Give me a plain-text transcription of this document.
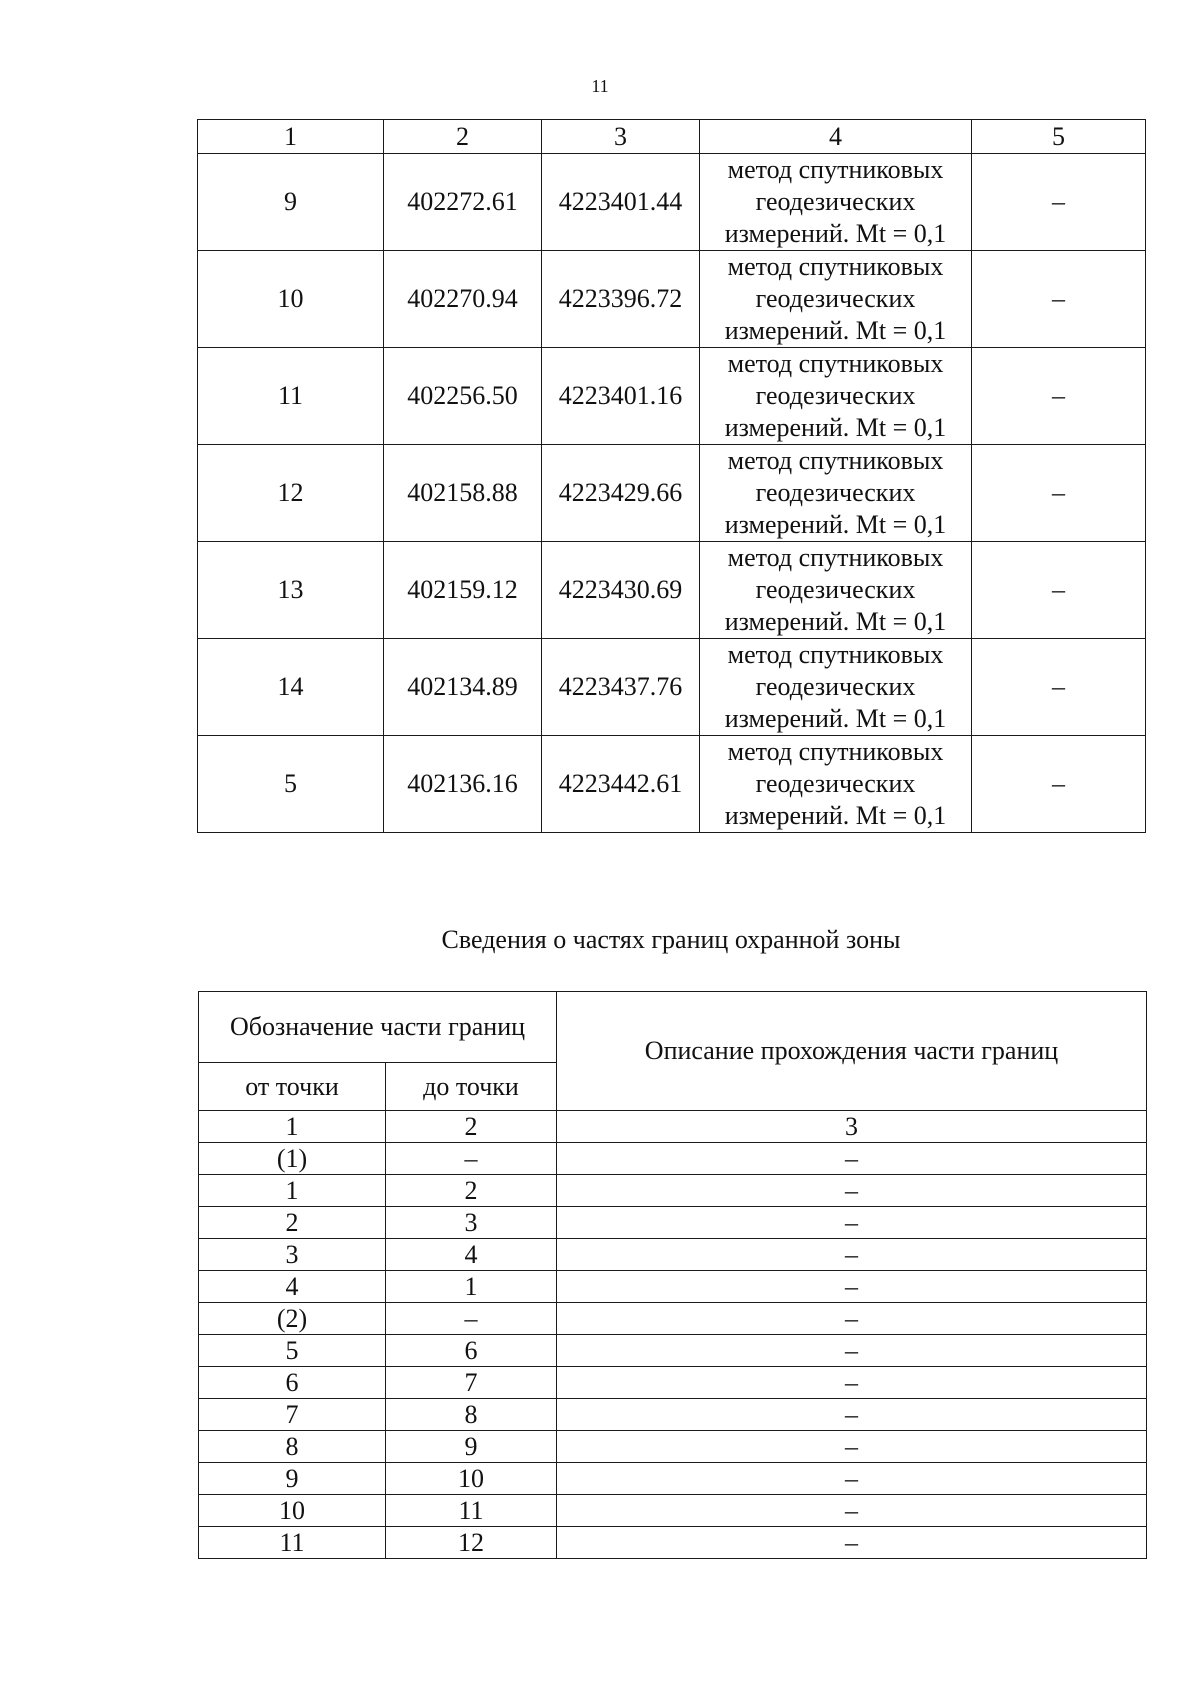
11
1	2	3	4	5
9	402272.61	4223401.44	метод спутниковых
геодезических
измерений. Mt = 0,1	–
10	402270.94	4223396.72	метод спутниковых
геодезических
измерений. Mt = 0,1	–
11	402256.50	4223401.16	метод спутниковых
геодезических
измерений. Mt = 0,1	–
12	402158.88	4223429.66	метод спутниковых
геодезических
измерений. Mt = 0,1	–
13	402159.12	4223430.69	метод спутниковых
геодезических
измерений. Mt = 0,1	–
14	402134.89	4223437.76	метод спутниковых
геодезических
измерений. Mt = 0,1	–
5	402136.16	4223442.61	метод спутниковых
геодезических
измерений. Mt = 0,1	–
Сведения о частях границ охранной зоны
Обозначение части границ		Описание прохождения части границ
от точки	до точки	
1	2	3
(1)	–	–
1	2	–
2	3	–
3	4	–
4	1	–
(2)	–	–
5	6	–
6	7	–
7	8	–
8	9	–
9	10	–
10	11	–
11	12	–
